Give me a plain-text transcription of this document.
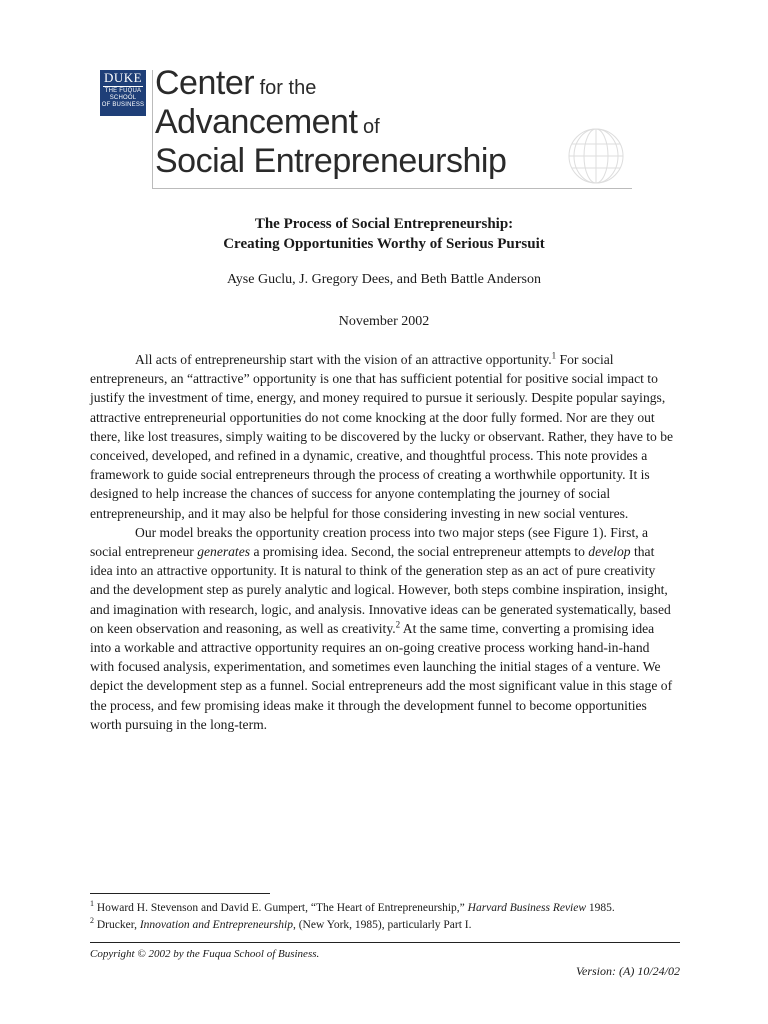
DUKE
THE FUQUA
SCHOOL
OF BUSINESS
Center for the
Advancement of
Social Entrepreneurship
The Process of Social Entrepreneurship:
Creating Opportunities Worthy of Serious Pursuit
Ayse Guclu, J. Gregory Dees, and Beth Battle Anderson
November 2002

All acts of entrepreneurship start with the vision of an attractive opportunity.$^1$ For social entrepreneurs, an “attractive” opportunity is one that has sufficient potential for positive social impact to justify the investment of time, energy, and money required to pursue it seriously. Despite popular sayings, attractive entrepreneurial opportunities do not come knocking at the door fully formed. Nor are they out there, like lost treasures, simply waiting to be discovered by the lucky or observant. Rather, they have to be conceived, developed, and refined in a dynamic, creative, and thoughtful process. This note provides a framework to guide social entrepreneurs through the process of creating a worthwhile opportunity. It is designed to help increase the chances of success for anyone contemplating the journey of social entrepreneurship, and it may also be helpful for those considering investing in new social ventures.

Our model breaks the opportunity creation process into two major steps (see Figure 1). First, a social entrepreneur generates a promising idea. Second, the social entrepreneur attempts to develop that idea into an attractive opportunity. It is natural to think of the generation step as an act of pure creativity and the development step as purely analytic and logical. However, both steps combine inspiration, insight, and imagination with research, logic, and analysis. Innovative ideas can be generated systematically, based on keen observation and reasoning, as well as creativity.$^2$ At the same time, converting a promising idea into a workable and attractive opportunity requires an on-going creative process working hand-in-hand with focused analysis, experimentation, and sometimes even launching the initial stages of a venture. We depict the development step as a funnel. Social entrepreneurs add the most significant value in this stage of the process, and few promising ideas make it through the development funnel to become opportunities worth pursuing in the long-term.

$^1$ Howard H. Stevenson and David E. Gumpert, “The Heart of Entrepreneurship,” Harvard Business Review 1985.
$^2$ Drucker, Innovation and Entrepreneurship, (New York, 1985), particularly Part I.
Copyright © 2002 by the Fuqua School of Business.
Version: (A) 10/24/02
